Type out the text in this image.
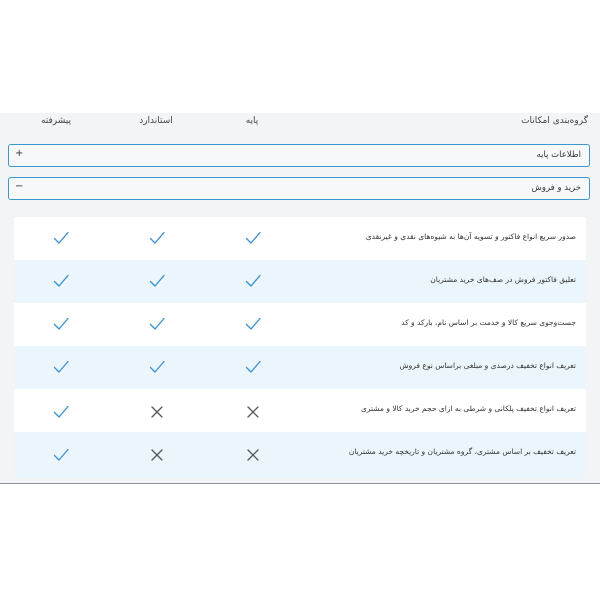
گروه‌بندی امکانات
پایه
استاندارد
پیشرفته
اطلاعات پایه
+
خرید و فروش
−
صدور سریع انواع فاکتور و تسویه آن‌ها به شیوه‌های نقدی و غیرنقدی
تعلیق فاکتور فروش در صف‌های خرید مشتریان
جست‌وجوی سریع کالا و خدمت بر اساس نام، بارکد و کد
تعریف انواع تخفیف درصدی و مبلغی براساس نوع فروش
تعریف انواع تخفیف پلکانی و شرطی به ازای حجم خرید کالا و مشتری
تعریف تخفیف بر اساس مشتری، گروه مشتریان و تاریخچه خرید مشتریان
